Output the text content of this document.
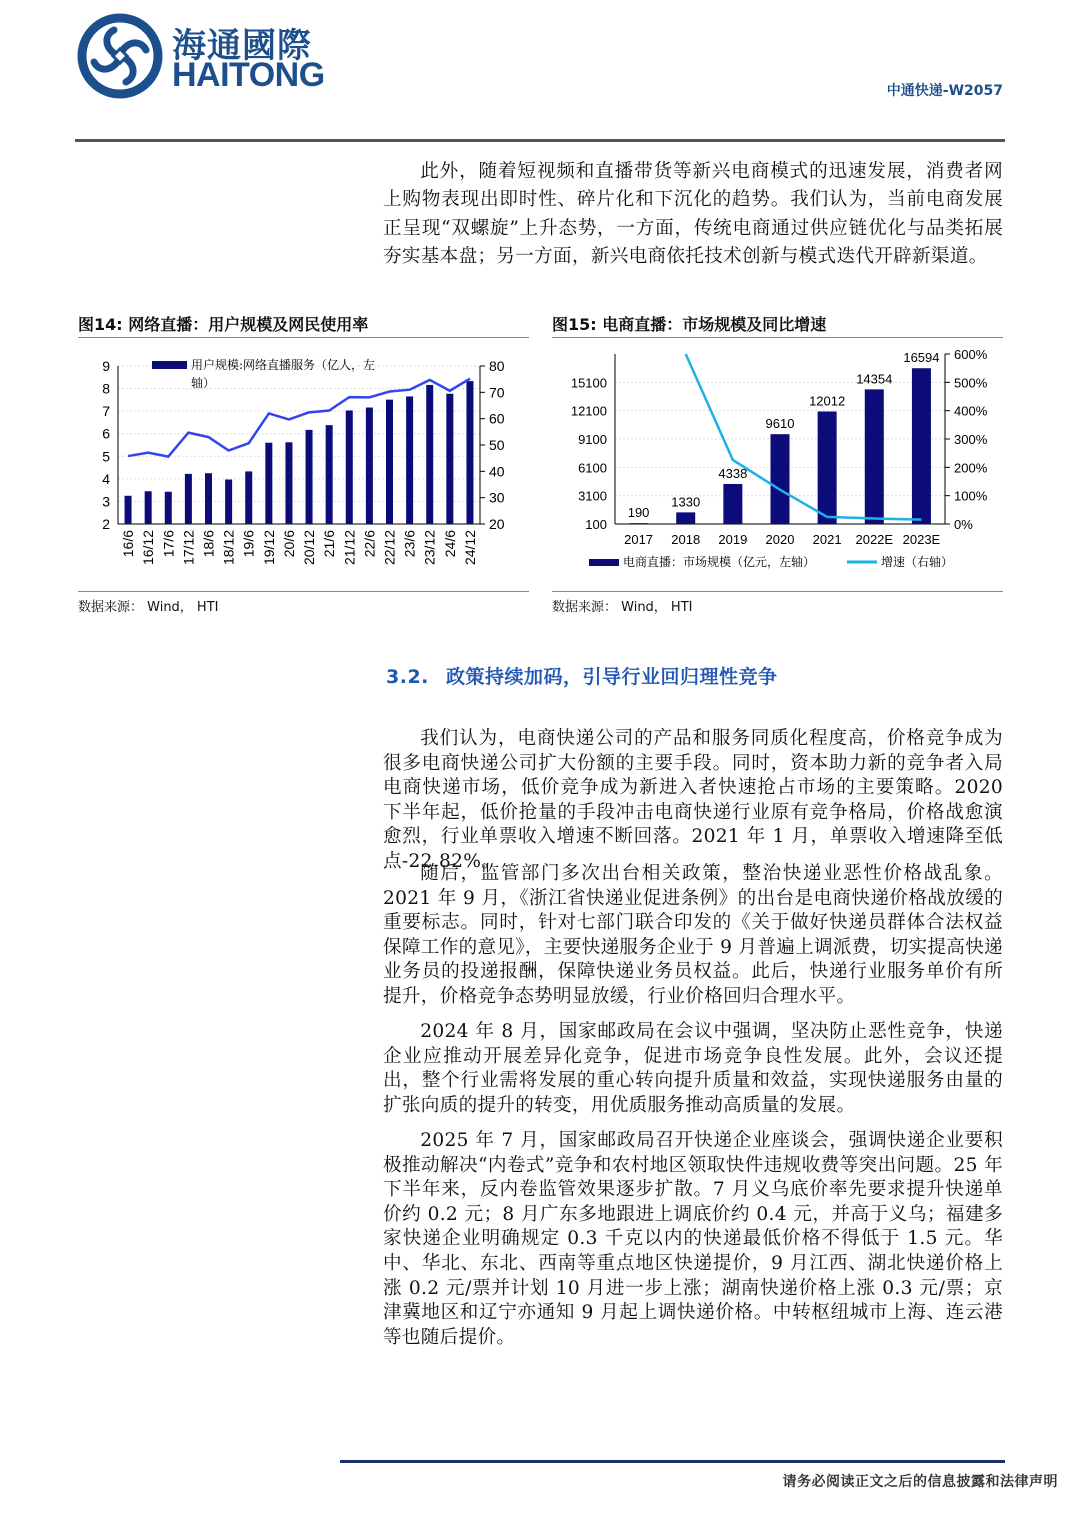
海通國際
HAITONG	中通快递-W2057

此外，随着短视频和直播带货等新兴电商模式的迅速发展，消费者网上购物表现出即时性、碎片化和下沉化的趋势。我们认为，当前电商发展正呈现“双螺旋”上升态势，一方面，传统电商通过供应链优化与品类拓展夯实基本盘；另一方面，新兴电商依托技术创新与模式迭代开辟新渠道。

图14: 网络直播：用户规模及网民使用率	图15: 电商直播：市场规模及同比增速
2
3
4
5
6
7
8
9
20
30
40
50
60
70
80
16/6 16/12 17/6 17/12 18/6 18/12 19/6 19/12 20/6 20/12 21/6 21/12 22/6 22/12 23/6 23/12 24/6 24/12
用户规模:网络直播服务（亿人，左
轴）
100
3100
6100
9100
12100
15100
0%
100%
200%
300%
400%
500%
600%
190
1330
4338
9610
12012
14354
16594
2017 2018 2019 2020 2021 2022E 2023E
电商直播：市场规模（亿元，左轴）	增速（右轴）
数据来源： Wind， HTI	数据来源： Wind， HTI
3.2. 政策持续加码，引导行业回归理性竞争

我们认为，电商快递公司的产品和服务同质化程度高，价格竞争成为很多电商快递公司扩大份额的主要手段。同时，资本助力新的竞争者入局电商快递市场，低价竞争成为新进入者快速抢占市场的主要策略。2020 下半年起，低价抢量的手段冲击电商快递行业原有竞争格局，价格战愈演愈烈，行业单票收入增速不断回落。2021 年 1 月，单票收入增速降至低点-22.82%。

随后，监管部门多次出台相关政策，整治快递业恶性价格战乱象。2021 年 9 月，《浙江省快递业促进条例》的出台是电商快递价格战放缓的重要标志。同时，针对七部门联合印发的《关于做好快递员群体合法权益保障工作的意见》，主要快递服务企业于 9 月普遍上调派费，切实提高快递业务员的投递报酬，保障快递业务员权益。此后，快递行业服务单价有所提升，价格竞争态势明显放缓，行业价格回归合理水平。

2024 年 8 月，国家邮政局在会议中强调，坚决防止恶性竞争，快递企业应推动开展差异化竞争，促进市场竞争良性发展。此外，会议还提出，整个行业需将发展的重心转向提升质量和效益，实现快递服务由量的扩张向质的提升的转变，用优质服务推动高质量的发展。

2025 年 7 月，国家邮政局召开快递企业座谈会，强调快递企业要积极推动解决“内卷式”竞争和农村地区领取快件违规收费等突出问题。25 年下半年来，反内卷监管效果逐步扩散。7 月义乌底价率先要求提升快递单价约 0.2 元；8 月广东多地跟进上调底价约 0.4 元，并高于义乌；福建多家快递企业明确规定 0.3 千克以内的快递最低价格不得低于 1.5 元。华中、华北、东北、西南等重点地区快递提价，9 月江西、湖北快递价格上涨 0.2 元/票并计划 10 月进一步上涨；湖南快递价格上涨 0.3 元/票；京津冀地区和辽宁亦通知 9 月起上调快递价格。中转枢纽城市上海、连云港等也随后提价。

请务必阅读正文之后的信息披露和法律声明
